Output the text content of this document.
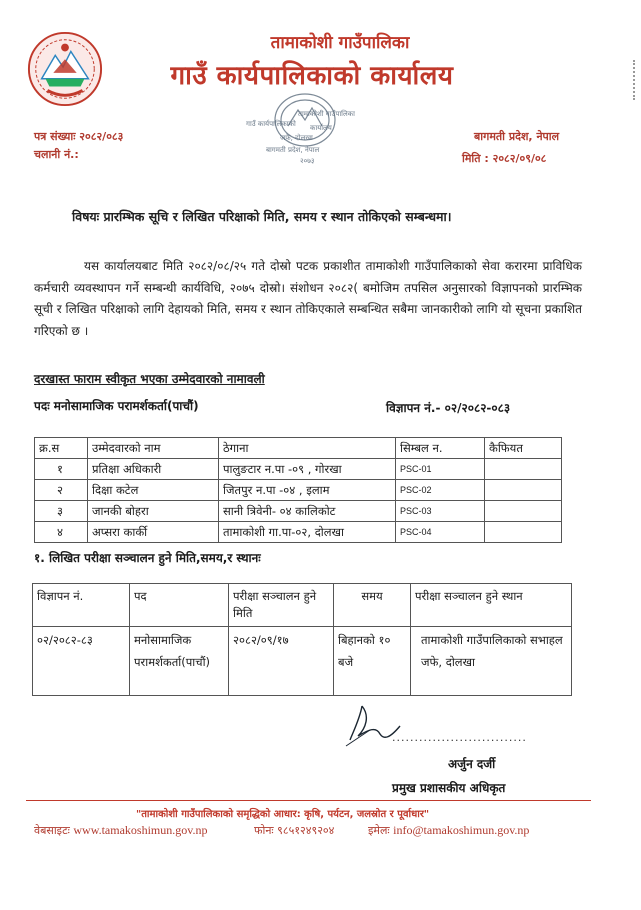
तामाकोशी गाउँपालिका
गाउँ कार्यपालिकाको कार्यालय
पत्र संख्याः २०८२/०८३
चलानी नं.:
बागमती प्रदेश, नेपाल
मिति : २०८२/०९/०८
तामाकोशी गाउँपालिका
गाउँ कार्यपालिकाको कार्यालय
जफे, दोलखा
बागमती प्रदेश, नेपाल
२०७३
विषयः प्रारम्भिक सूचि र लिखित परिक्षाको मिति, समय र स्थान तोकिएको सम्बन्धमा।
यस कार्यालयबाट मिति २०८२/०८/२५ गते दोस्रो पटक प्रकाशीत तामाकोशी गाउँपालिकाको सेवा करारमा प्राविधिक कर्मचारी व्यवस्थापन गर्ने सम्बन्धी कार्यविधि, २०७५ दोस्रो। संशोधन २०८२( बमोजिम तपसिल अनुसारको विज्ञापनको प्रारम्भिक सूची र लिखित परिक्षाको लागि देहायको मिति, समय र स्थान तोकिएकाले सम्बन्धित सबैमा जानकारीको लागि यो सूचना प्रकाशित गरिएको छ ।
दरखास्त फाराम स्वीकृत भएका उम्मेदवारको नामावली
पदः मनोसामाजिक परामर्शकर्ता(पाचौं)	विज्ञापन नं.- ०२/२०८२-०८३
क्र.स	उम्मेदवारको नाम	ठेगाना	सिम्बल न.	कैफियत
१	प्रतिक्षा अधिकारी	पालुङटार न.पा -०९ , गोरखा	PSC-01	
२	दिक्षा कटेल	जितपुर न.पा -०४ , इलाम	PSC-02	
३	जानकी बोहरा	सानी त्रिवेनी- ०४ कालिकोट	PSC-03	
४	अप्सरा कार्की	तामाकोशी गा.पा-०२, दोलखा	PSC-04	
१. लिखित परीक्षा सञ्चालन हुने मिति,समय,र स्थानः
विज्ञापन नं.	पद	परीक्षा सञ्चालन हुने मिति	समय	परीक्षा सञ्चालन हुने स्थान
०२/२०८२-८३	मनोसामाजिक परामर्शकर्ता(पाचौं)	२०८२/०९/१७	बिहानको १० बजे	तामाकोशी गाउँपालिकाको सभाहल जफे, दोलखा
..............................
अर्जुन दर्जी
प्रमुख प्रशासकीय अधिकृत
"तामाकोशी गाउँपालिकाको समृद्धिको आधार: कृषि, पर्यटन, जलस्रोत र पूर्वाधार"
वेबसाइटः www.tamakoshimun.gov.np	फोनः ९८५१२४९२०४	इमेलः info@tamakoshimun.gov.np
